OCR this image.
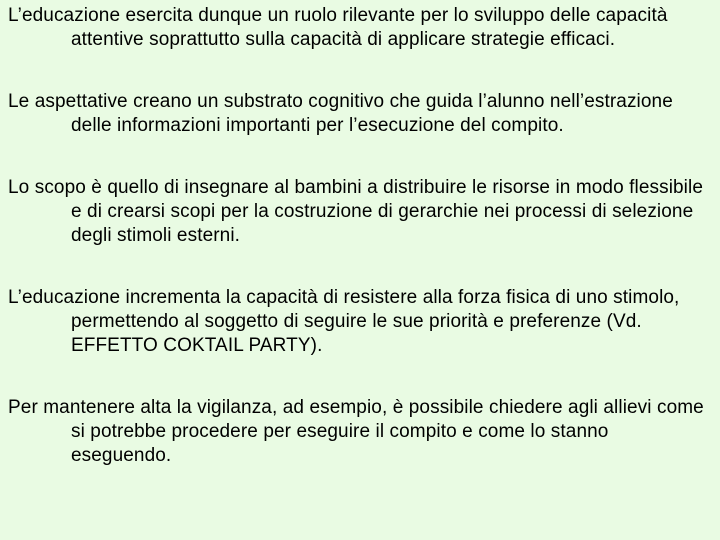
L’educazione esercita dunque un ruolo rilevante per lo sviluppo delle capacità attentive soprattutto sulla capacità di applicare strategie efficaci.

Le aspettative creano un substrato cognitivo che guida l’alunno nell’estrazione delle informazioni importanti per l’esecuzione del compito.

Lo scopo è quello di insegnare al bambini a distribuire le risorse in modo flessibile e di crearsi scopi per la costruzione di gerarchie nei processi di selezione degli stimoli esterni.

L’educazione incrementa la capacità di resistere alla forza fisica di uno stimolo, permettendo al soggetto di seguire le sue priorità e preferenze (Vd. EFFETTO COKTAIL PARTY).

Per mantenere alta la vigilanza, ad esempio, è possibile chiedere agli allievi come si potrebbe procedere per eseguire il compito e come lo stanno eseguendo.
